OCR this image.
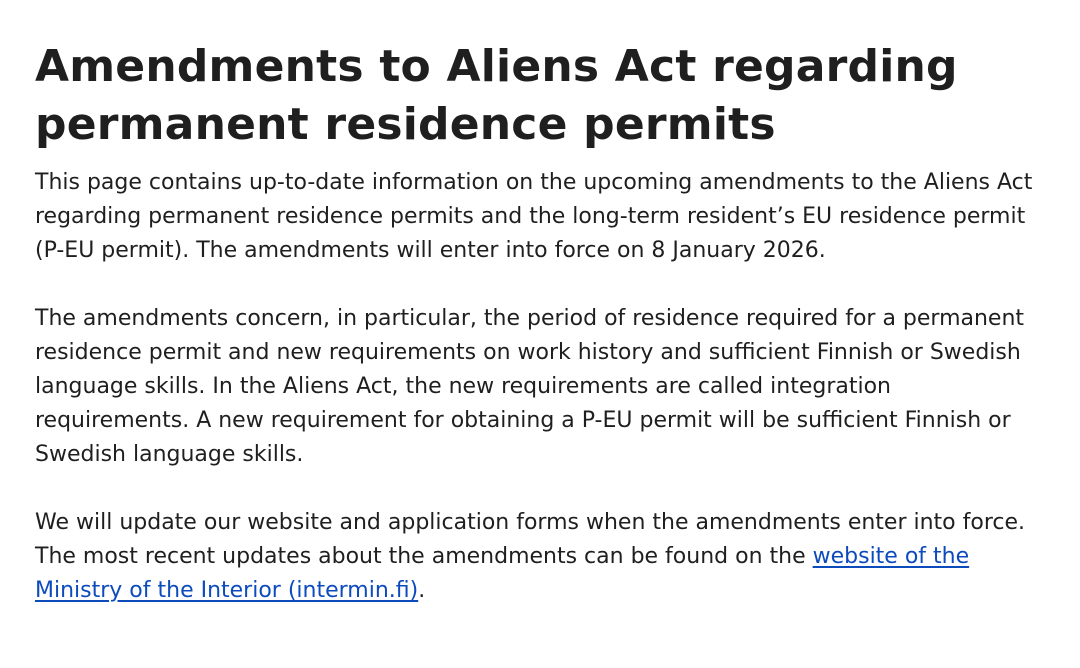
Amendments to Aliens Act regarding permanent residence permits

This page contains up-to-date information on the upcoming amendments to the Aliens Act regarding permanent residence permits and the long-term resident’s EU residence permit (P-EU permit). The amendments will enter into force on 8 January 2026.

The amendments concern, in particular, the period of residence required for a permanent residence permit and new requirements on work history and sufficient Finnish or Swedish language skills. In the Aliens Act, the new requirements are called integration requirements. A new requirement for obtaining a P-EU permit will be sufficient Finnish or Swedish language skills.

We will update our website and application forms when the amendments enter into force. The most recent updates about the amendments can be found on the website of the Ministry of the Interior (intermin.fi).
